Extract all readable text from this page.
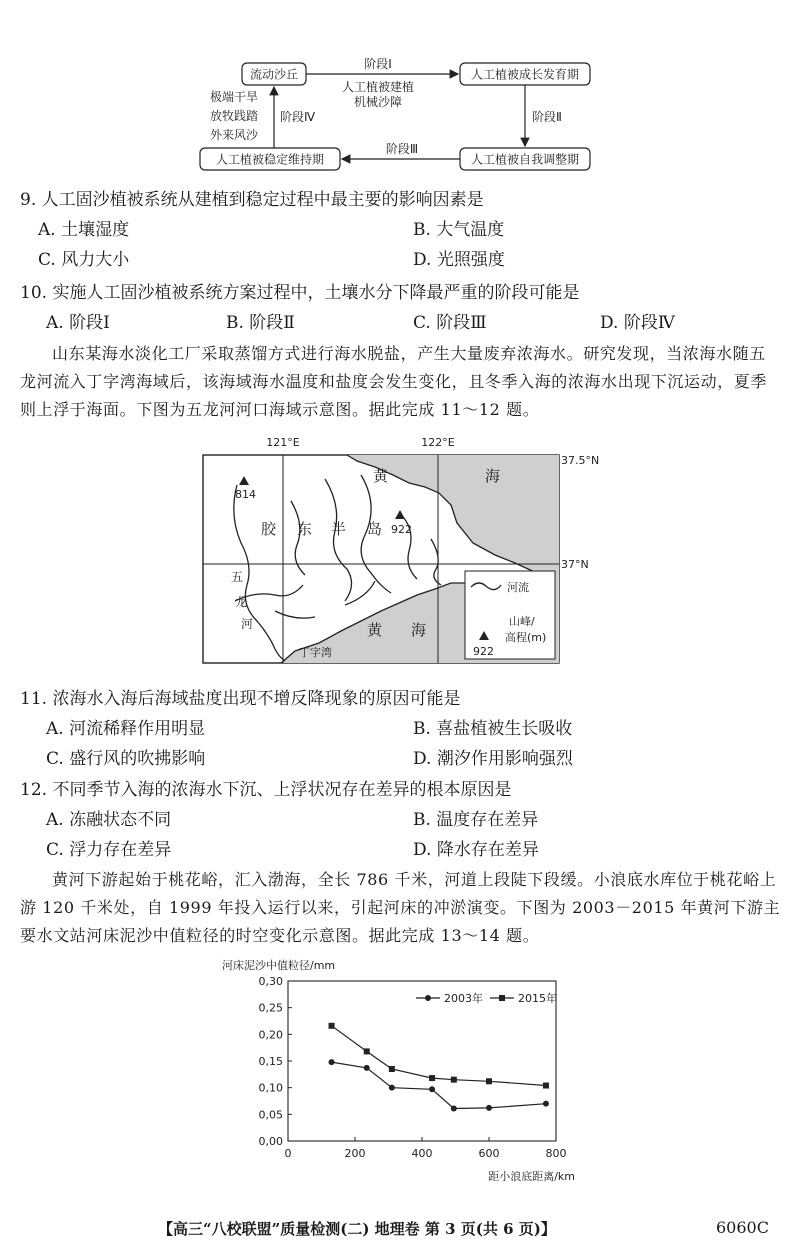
流动沙丘	人工植被成长发育期
人工植被自我调整期
人工植被稳定维持期
阶段Ⅰ
人工植被建植
机械沙障
阶段Ⅱ
阶段Ⅲ
阶段Ⅳ
极端干旱
放牧践踏
外来风沙
9. 人工固沙植被系统从建植到稳定过程中最主要的影响因素是
A. 土壤湿度	B. 大气温度
C. 风力大小	D. 光照强度
10. 实施人工固沙植被系统方案过程中，土壤水分下降最严重的阶段可能是
A. 阶段Ⅰ	B. 阶段Ⅱ	C. 阶段Ⅲ	D. 阶段Ⅳ
山东某海水淡化工厂采取蒸馏方式进行海水脱盐，产生大量废弃浓海水。研究发现，当浓海水随五龙河流入丁字湾海域后，该海域海水温度和盐度会发生变化，且冬季入海的浓海水出现下沉运动，夏季则上浮于海面。下图为五龙河河口海域示意图。据此完成 11～12 题。
121°E	122°E
37.5°N
37°N
814
922
黄	海
胶 东 半 岛
黄 海
五
龙
河
丁字湾
河流
山峰/
高程(m)
922
11. 浓海水入海后海域盐度出现不增反降现象的原因可能是
A. 河流稀释作用明显	B. 喜盐植被生长吸收
C. 盛行风的吹拂影响	D. 潮汐作用影响强烈
12. 不同季节入海的浓海水下沉、上浮状况存在差异的根本原因是
A. 冻融状态不同	B. 温度存在差异
C. 浮力存在差异	D. 降水存在差异
黄河下游起始于桃花峪，汇入渤海，全长 786 千米，河道上段陡下段缓。小浪底水库位于桃花峪上游 120 千米处，自 1999 年投入运行以来，引起河床的冲淤演变。下图为 2003－2015 年黄河下游主要水文站河床泥沙中值粒径的时空变化示意图。据此完成 13～14 题。
河床泥沙中值粒径/mm
距小浪底距离/km
0,00
0,05
0,10
0,15
0,20
0,25
0,30
0	200	400	600	800
2003年	2015年
【高三“八校联盟”质量检测(二) 地理卷 第 3 页(共 6 页)】	6060C
